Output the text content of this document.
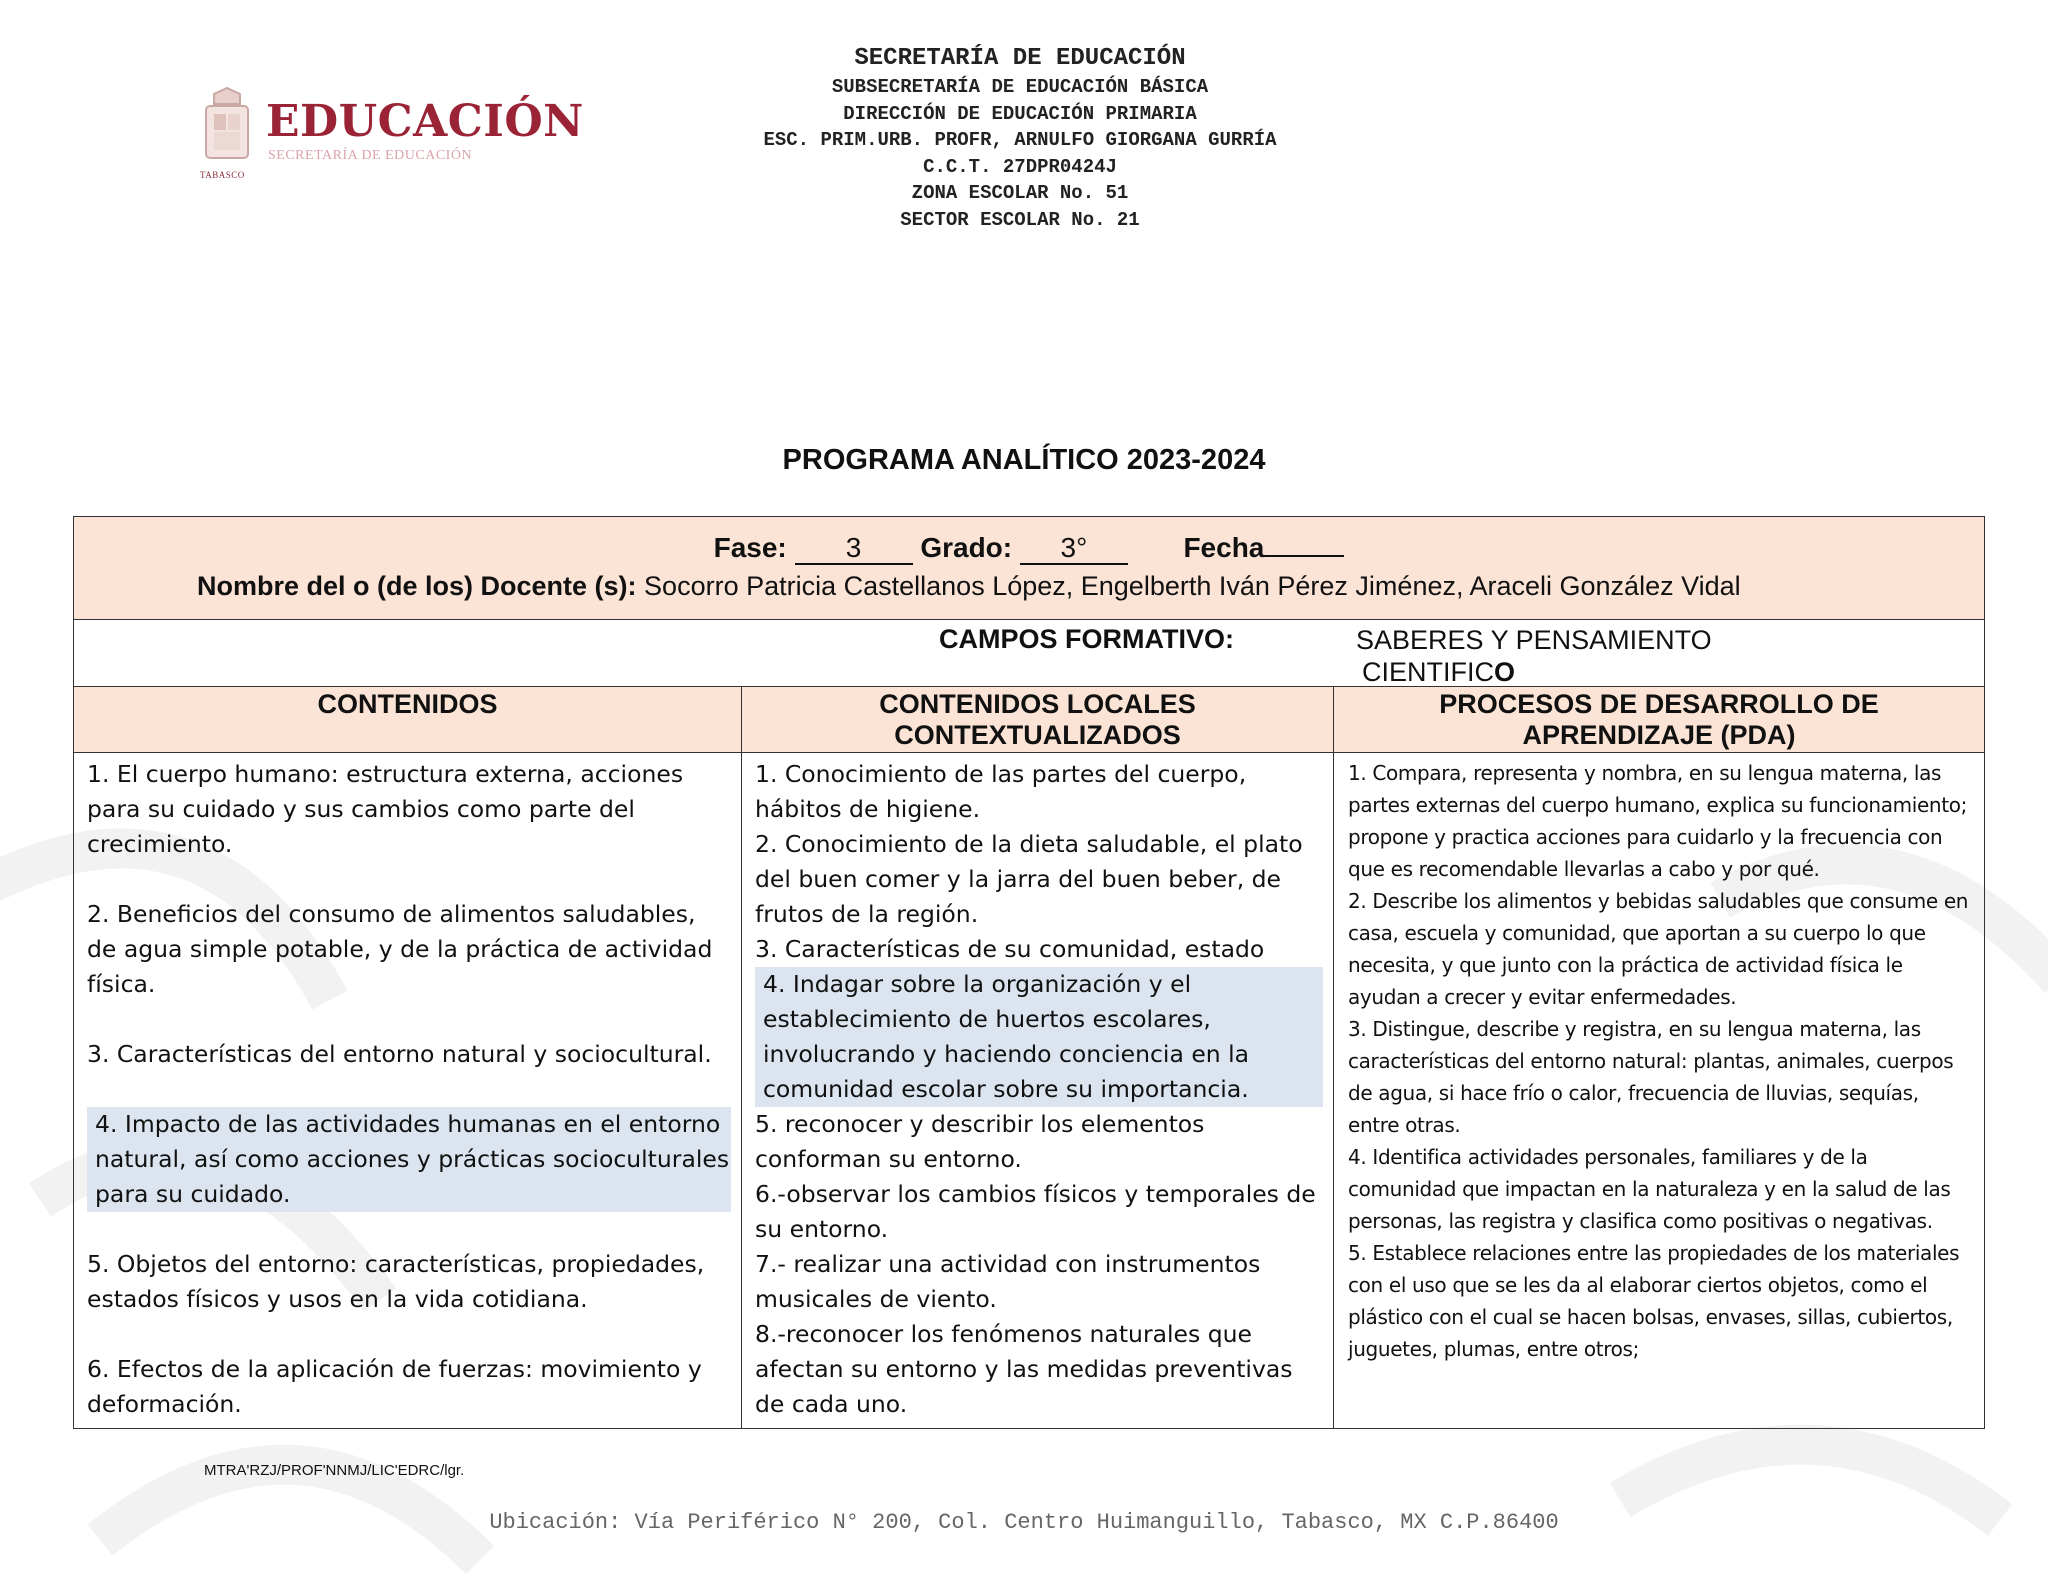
TABASCO
EDUCACIÓN
SECRETARÍA DE EDUCACIÓN
SECRETARÍA DE EDUCACIÓN
SUBSECRETARÍA DE EDUCACIÓN BÁSICA
DIRECCIÓN DE EDUCACIÓN PRIMARIA
ESC. PRIM.URB. PROFR, ARNULFO GIORGANA GURRÍA
C.C.T. 27DPR0424J
ZONA ESCOLAR No. 51
SECTOR ESCOLAR No. 21
PROGRAMA ANALÍTICO 2023-2024
Fase: 3 Grado: 3°	Fecha
Nombre del o (de los) Docente (s): Socorro Patricia Castellanos López, Engelberth Iván Pérez Jiménez, Araceli González Vidal
CAMPOS FORMATIVO:	SABERES Y PENSAMIENTO
CIENTIFICO
CONTENIDOS

1. El cuerpo humano: estructura externa, acciones para su cuidado y sus cambios como parte del crecimiento.

2. Beneficios del consumo de alimentos saludables, de agua simple potable, y de la práctica de actividad física.

3. Características del entorno natural y sociocultural.

4. Impacto de las actividades humanas en el entorno natural, así como acciones y prácticas socioculturales para su cuidado.

5. Objetos del entorno: características, propiedades, estados físicos y usos en la vida cotidiana.

6. Efectos de la aplicación de fuerzas: movimiento y deformación.

CONTENIDOS LOCALES CONTEXTUALIZADOS

1. Conocimiento de las partes del cuerpo, hábitos de higiene.

2. Conocimiento de la dieta saludable, el plato del buen comer y la jarra del buen beber, de frutos de la región.

3. Características de su comunidad, estado

4. Indagar sobre la organización y el establecimiento de huertos escolares, involucrando y haciendo conciencia en la comunidad escolar sobre su importancia.

5. reconocer y describir los elementos conforman su entorno.

6.-observar los cambios físicos y temporales de su entorno.

7.- realizar una actividad con instrumentos musicales de viento.

8.-reconocer los fenómenos naturales que afectan su entorno y las medidas preventivas de cada uno.

PROCESOS DE DESARROLLO DE APRENDIZAJE (PDA)

1. Compara, representa y nombra, en su lengua materna, las partes externas del cuerpo humano, explica su funcionamiento; propone y practica acciones para cuidarlo y la frecuencia con que es recomendable llevarlas a cabo y por qué.

2. Describe los alimentos y bebidas saludables que consume en casa, escuela y comunidad, que aportan a su cuerpo lo que necesita, y que junto con la práctica de actividad física le ayudan a crecer y evitar enfermedades.

3. Distingue, describe y registra, en su lengua materna, las características del entorno natural: plantas, animales, cuerpos de agua, si hace frío o calor, frecuencia de lluvias, sequías, entre otras.

4. Identifica actividades personales, familiares y de la comunidad que impactan en la naturaleza y en la salud de las personas, las registra y clasifica como positivas o negativas.

5. Establece relaciones entre las propiedades de los materiales con el uso que se les da al elaborar ciertos objetos, como el plástico con el cual se hacen bolsas, envases, sillas, cubiertos, juguetes, plumas, entre otros;

MTRA'RZJ/PROF'NNMJ/LIC'EDRC/lgr.
Ubicación: Vía Periférico N° 200, Col. Centro Huimanguillo, Tabasco, MX C.P.86400
